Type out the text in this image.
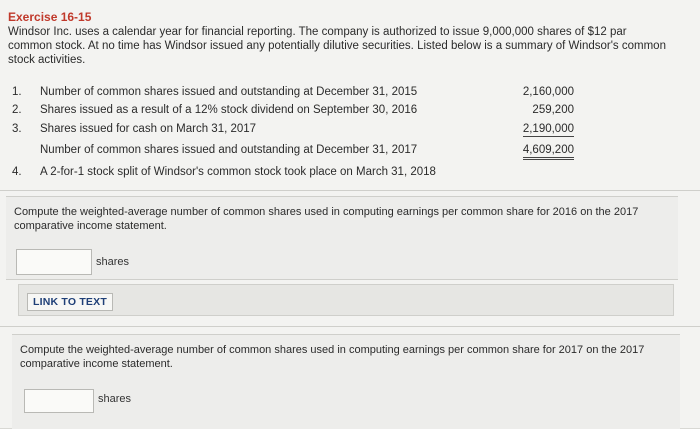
Exercise 16-15
Windsor Inc. uses a calendar year for financial reporting. The company is authorized to issue 9,000,000 shares of $12 par common stock. At no time has Windsor issued any potentially dilutive securities. Listed below is a summary of Windsor's common stock activities.
1.	Number of common shares issued and outstanding at December 31, 2015	2,160,000
2.	Shares issued as a result of a 12% stock dividend on September 30, 2016	259,200
3.	Shares issued for cash on March 31, 2017	2,190,000
Number of common shares issued and outstanding at December 31, 2017	4,609,200
4.	A 2-for-1 stock split of Windsor's common stock took place on March 31, 2018
Compute the weighted-average number of common shares used in computing earnings per common share for 2016 on the 2017 comparative income statement.
shares
LINK TO TEXT
Compute the weighted-average number of common shares used in computing earnings per common share for 2017 on the 2017 comparative income statement.
shares
